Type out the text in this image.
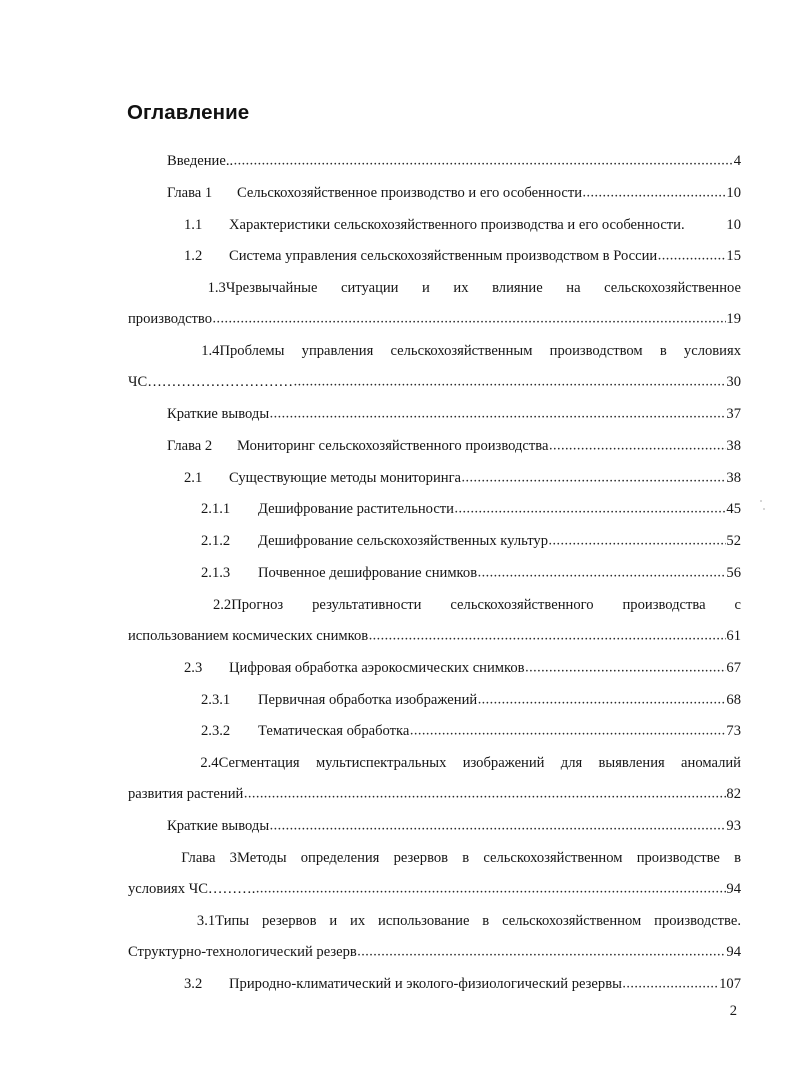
Оглавление
Введение.. .....	4
Глава 1	Сельскохозяйственное производство и его особенности .....	10
1.1	Характеристики сельскохозяйственного производства и его особенности.	10
1.2	Система управления сельскохозяйственным производством в России .....	15
1.3Чрезвычайные ситуации и их влияние на сельскохозяйственное
производство .....	19
1.4Проблемы управления сельскохозяйственным производством в условиях
ЧС………………………… .....	30
Краткие выводы .....	37
Глава 2	Мониторинг сельскохозяйственного производства .....	38
2.1	Существующие методы мониторинга .....	38
2.1.1	Дешифрование растительности .....	45
2.1.2	Дешифрование сельскохозяйственных культур .....	52
2.1.3	Почвенное дешифрование снимков .....	56
2.2Прогноз результативности сельскохозяйственного производства с
использованием космических снимков .....	61
2.3	Цифровая обработка аэрокосмических снимков .....	67
2.3.1	Первичная обработка изображений .....	68
2.3.2	Тематическая обработка .....	73
2.4Сегментация мультиспектральных изображений для выявления аномалий
развития растений .....	82
Краткие выводы .....	93
Глава 3Методы определения резервов в сельскохозяйственном производстве в
условиях ЧС………. .....	94
3.1Типы резервов и их использование в сельскохозяйственном производстве.
Структурно-технологический резерв .....	94
3.2	Природно-климатический и эколого-физиологический резервы .....	107
2
